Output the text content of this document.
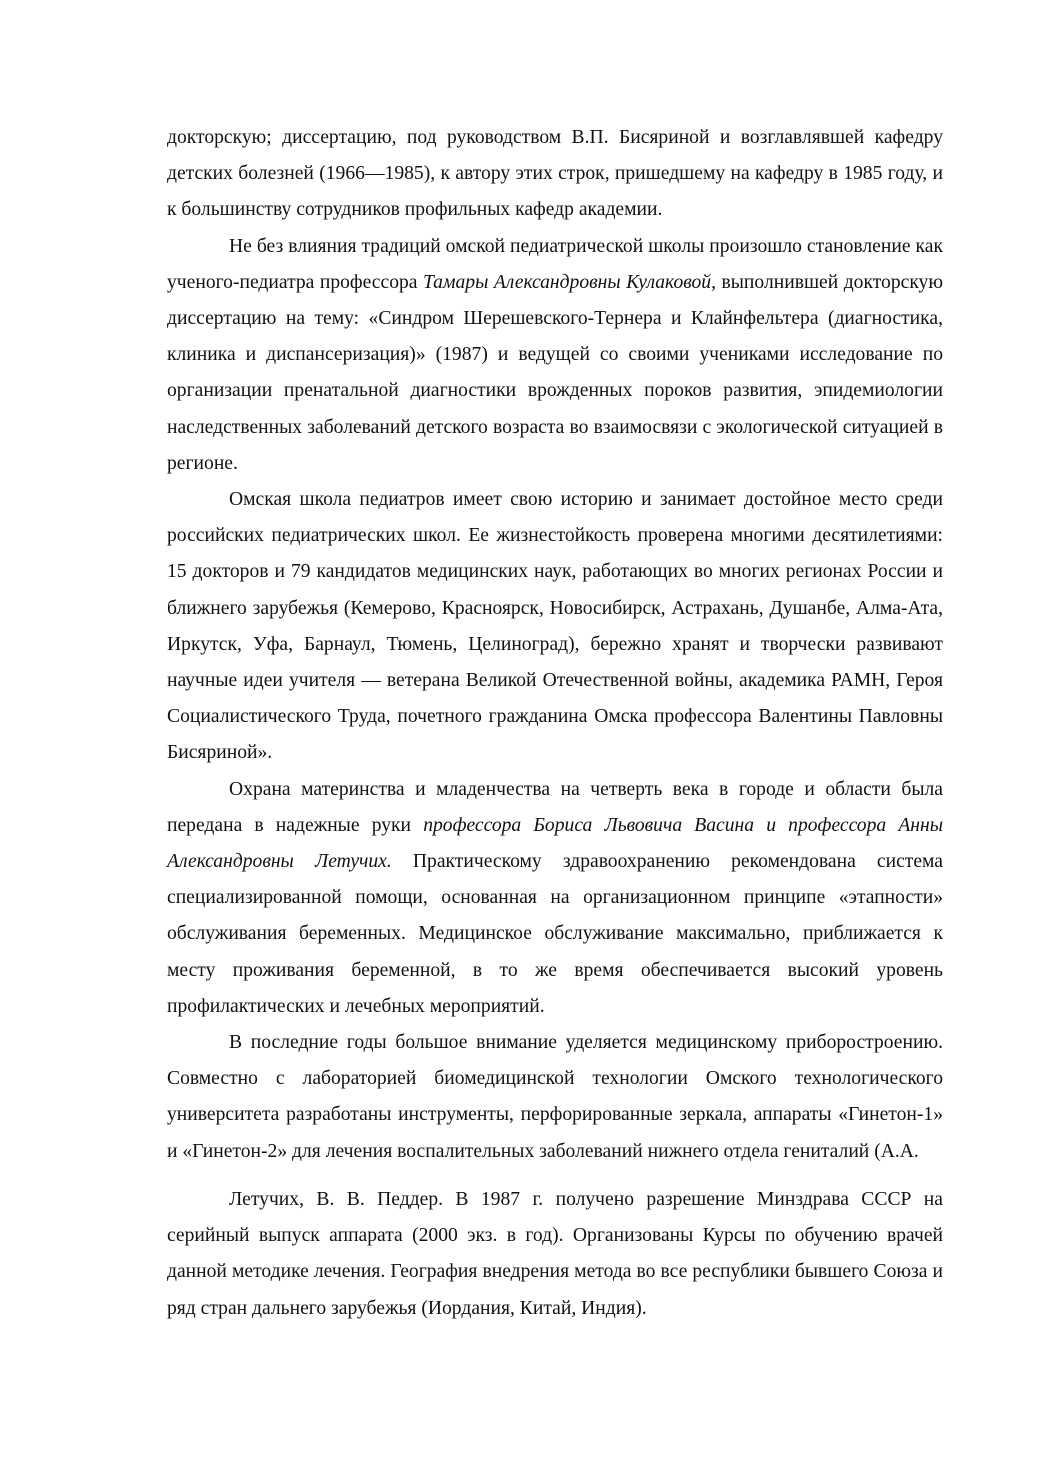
докторскую; диссертацию, под руководством В.П. Бисяриной и возглавлявшей кафедру детских болезней (1966—1985), к автору этих строк, пришедшему на кафедру в 1985 году, и к большинству сотрудников профильных кафедр академии.

Не без влияния традиций омской педиатрической школы произошло становление как ученого-педиатра профессора Тамары Александровны Кулаковой, выполнившей докторскую диссертацию на тему: «Синдром Шерешевского-Тернера и Клайнфельтера (диагностика, клиника и диспансеризация)» (1987) и ведущей со своими учениками исследование по организации пренатальной диагностики врожденных пороков развития, эпидемиологии наследственных заболеваний детского возраста во взаимосвязи с экологической ситуацией в регионе.

Омская школа педиатров имеет свою историю и занимает достойное место среди российских педиатрических школ. Ее жизнестойкость проверена многими десятилетиями: 15 докторов и 79 кандидатов медицинских наук, работающих во многих регионах России и ближнего зарубежья (Кемерово, Красноярск, Новосибирск, Астрахань, Душанбе, Алма-Ата, Иркутск, Уфа, Барнаул, Тюмень, Целиноград), бережно хранят и творчески развивают научные идеи учителя — ветерана Великой Отечественной войны, академика РАМН, Героя Социалистического Труда, почетного гражданина Омска профессора Валентины Павловны Бисяриной».

Охрана материнства и младенчества на четверть века в городе и области была передана в надежные руки профессора Бориса Львовича Васина и профессора Анны Александровны Летучих. Практическому здравоохранению рекомендована система специализированной помощи, основанная на организационном принципе «этапности» обслуживания беременных. Медицинское обслуживание максимально, приближается к месту проживания беременной, в то же время обеспечивается высокий уровень профилактических и лечебных мероприятий.

В последние годы большое внимание уделяется медицинскому приборостроению. Совместно с лабораторией биомедицинской технологии Омского технологического университета разработаны инструменты, перфорированные зеркала, аппараты «Гинетон-1» и «Гинетон-2» для лечения воспалительных заболеваний нижнего отдела гениталий (А.А.

Летучих, В. В. Педдер. В 1987 г. получено разрешение Минздрава СССР на серийный выпуск аппарата (2000 экз. в год). Организованы Курсы по обучению врачей данной методике лечения. География внедрения метода во все республики бывшего Союза и ряд стран дальнего зарубежья (Иордания, Китай, Индия).
